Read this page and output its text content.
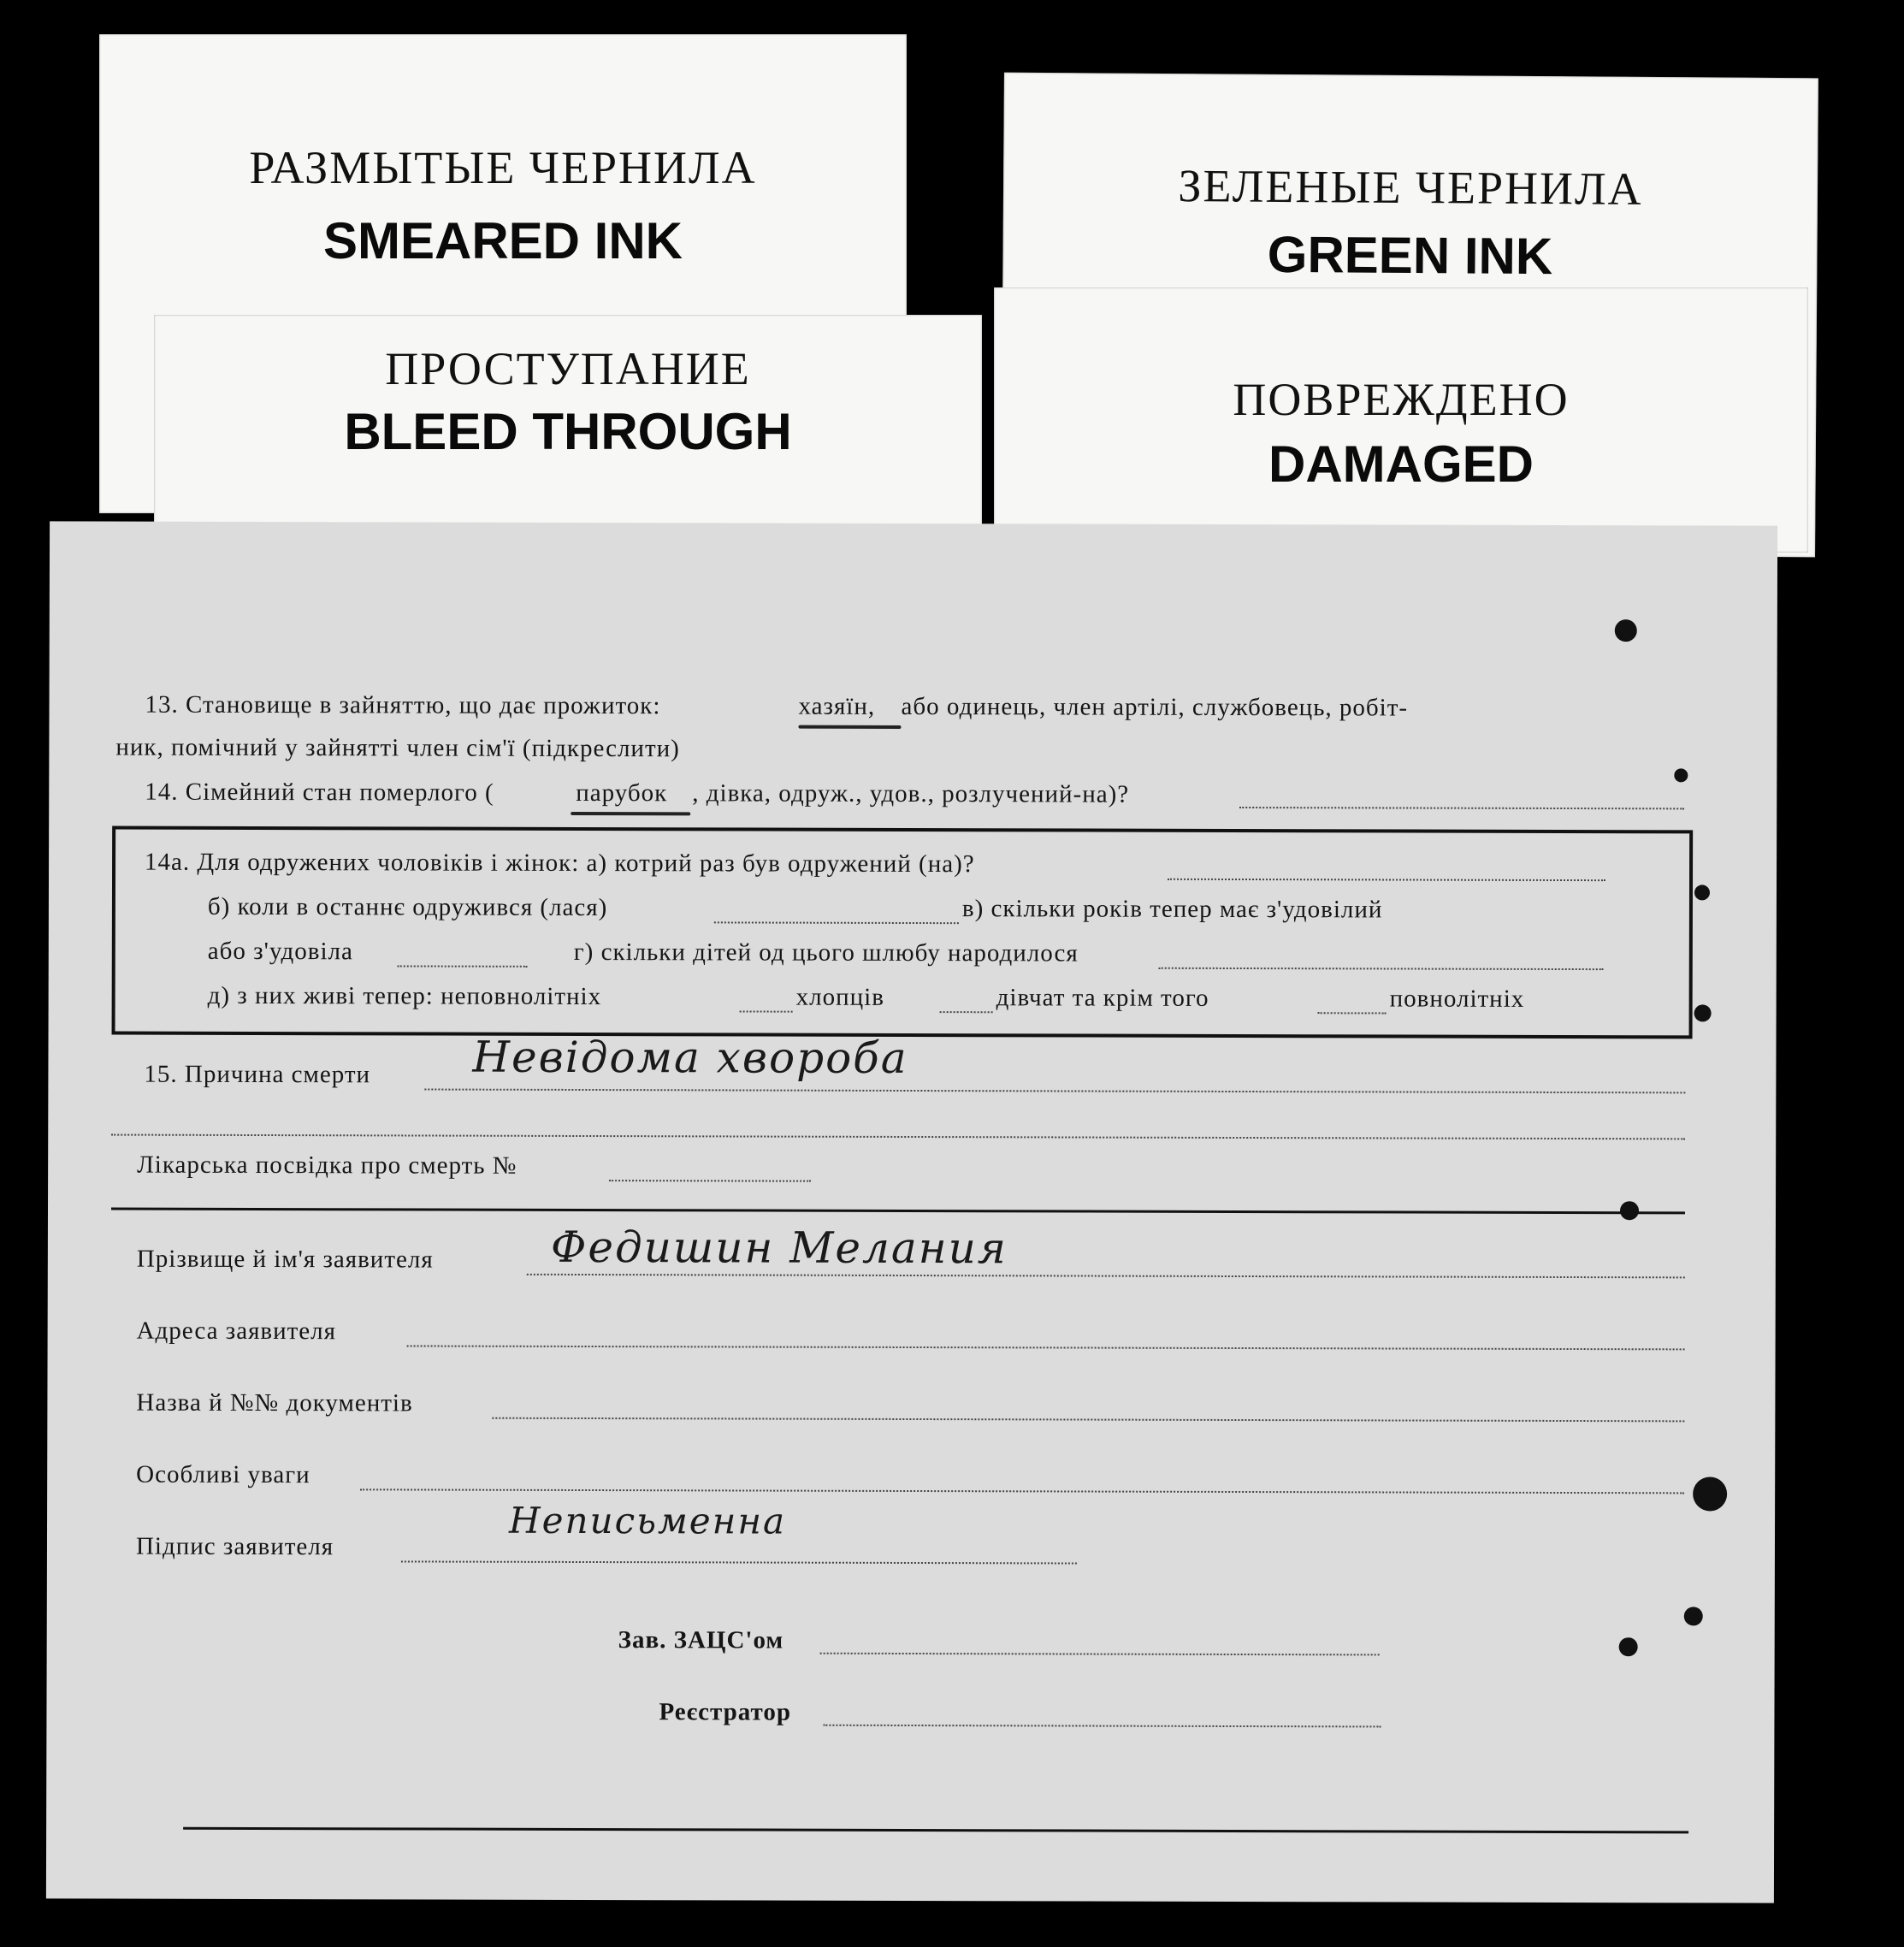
РАЗМЫТЫЕ ЧЕРНИЛА
SMEARED INK
ЗЕЛЕНЫЕ ЧЕРНИЛА
GREEN INK
ПРОСТУПАНИЕ
BLEED THROUGH
ПОВРЕЖДЕНО
DAMAGED
13. Становище в зайняттю, що дає прожиток:	хазяїн, або одинець, член артілі, службовець, робіт-
ник, помічний у зайнятті член сім'ї (підкреслити)
14. Сімейний стан померлого (	парубок , дівка, одруж., удов., розлучений-на)?
14а. Для одружених чоловіків і жінок: а) котрий раз був одружений (на)?
б) коли в останнє одружився (лася)	в) скільки років тепер має з'удовілий
або з'удовіла	г) скільки дітей од цього шлюбу народилося
д) з них живі тепер: неповнолітніх	хлопців	дівчат та крім того	повнолітніх
15. Причина смерти Невідома хвороба
Лікарська посвідка про смерть №
Прізвище й ім'я заявителя	Федишин Мелания
Адреса заявителя
Назва й №№ документів
Особливі уваги
Підпис заявителя
Неписьменна
Зав. ЗАЦС'ом
Реєстратор
